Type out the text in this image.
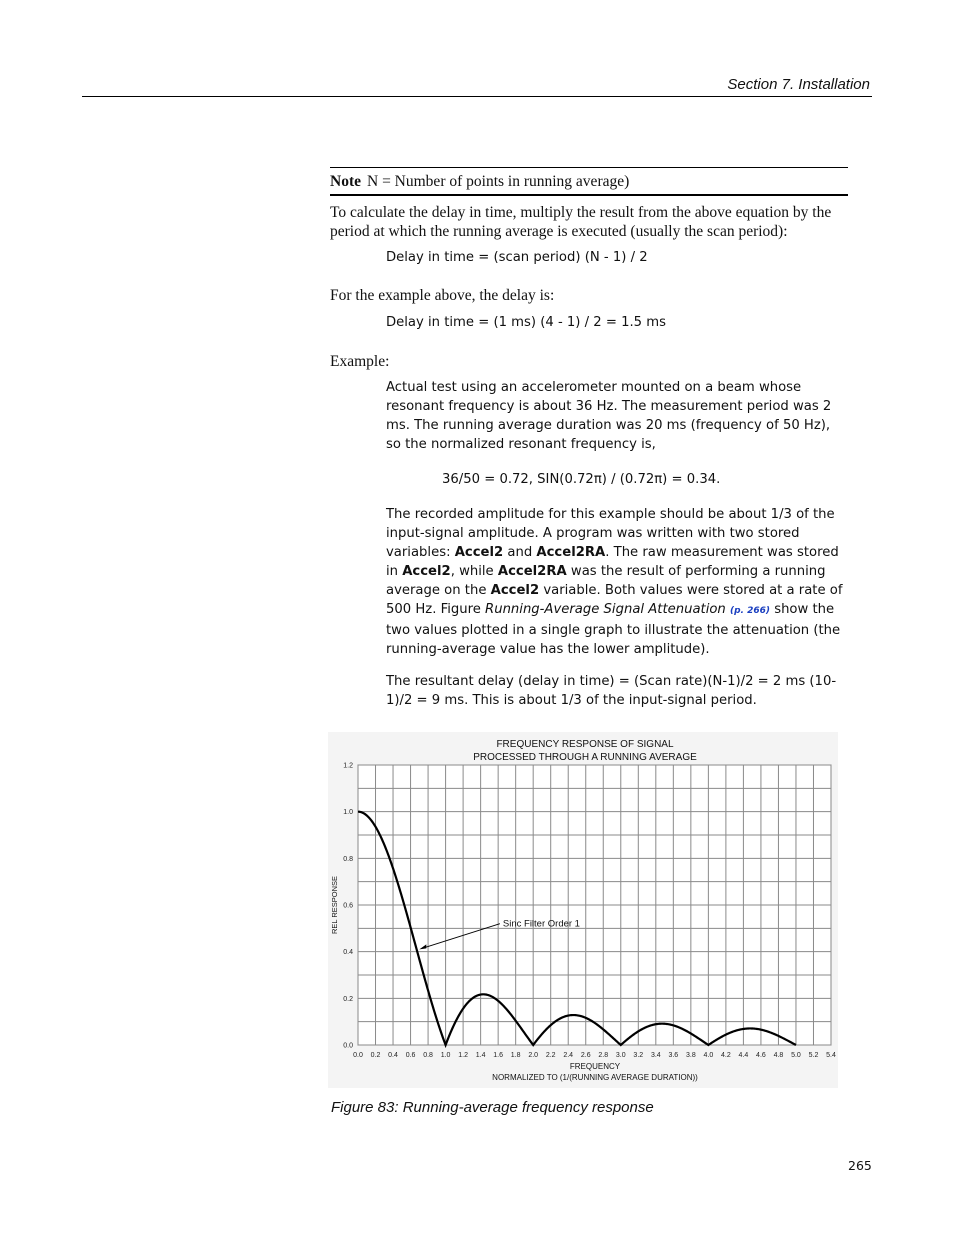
Section 7. Installation
Note N = Number of points in running average)
To calculate the delay in time, multiply the result from the above equation by the period at which the running average is executed (usually the scan period):
Delay in time = (scan period) (N - 1) / 2
For the example above, the delay is:
Delay in time = (1 ms) (4 - 1) / 2 = 1.5 ms
Example:
Actual test using an accelerometer mounted on a beam whose resonant frequency is about 36 Hz. The measurement period was 2 ms. The running average duration was 20 ms (frequency of 50 Hz), so the normalized resonant frequency is,
36/50 = 0.72, SIN(0.72π) / (0.72π) = 0.34.
The recorded amplitude for this example should be about 1/3 of the input-signal amplitude. A program was written with two stored variables: Accel2 and Accel2RA. The raw measurement was stored in Accel2, while Accel2RA was the result of performing a running average on the Accel2 variable. Both values were stored at a rate of 500 Hz. Figure Running-Average Signal Attenuation (p. 266) show the two values plotted in a single graph to illustrate the attenuation (the running-average value has the lower amplitude).
The resultant delay (delay in time) = (Scan rate)(N-1)/2 = 2 ms (10-1)/2 = 9 ms. This is about 1/3 of the input-signal period.
0.0 0.2 0.4 0.6 0.8 1.0 1.2 1.4 1.6 1.8 2.0 2.2 2.4 2.6 2.8 3.0 3.2 3.4 3.6 3.8 4.0 4.2 4.4 4.6 4.8 5.0 5.2 5.4
0.0
0.2
0.4
0.6
0.8
1.0
1.2
Sinc Filter Order 1
FREQUENCY RESPONSE OF SIGNAL
PROCESSED THROUGH A RUNNING AVERAGE
FREQUENCY
NORMALIZED TO (1/(RUNNING AVERAGE DURATION))
REL RESPONSE
Figure 83: Running-average frequency response
265
